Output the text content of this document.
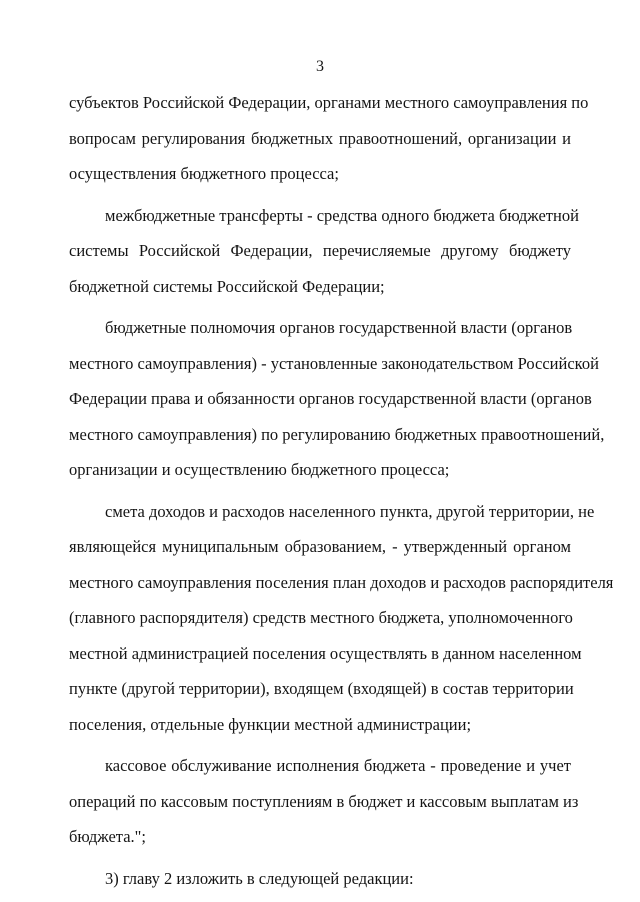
3
субъектов Российской Федерации, органами местного самоуправления по
вопросам регулирования бюджетных правоотношений, организации и
осуществления бюджетного процесса;
межбюджетные трансферты - средства одного бюджета бюджетной
системы Российской Федерации, перечисляемые другому бюджету
бюджетной системы Российской Федерации;
бюджетные полномочия органов государственной власти (органов
местного самоуправления) - установленные законодательством Российской
Федерации права и обязанности органов государственной власти (органов
местного самоуправления) по регулированию бюджетных правоотношений,
организации и осуществлению бюджетного процесса;
смета доходов и расходов населенного пункта, другой территории, не
являющейся муниципальным образованием, - утвержденный органом
местного самоуправления поселения план доходов и расходов распорядителя
(главного распорядителя) средств местного бюджета, уполномоченного
местной администрацией поселения осуществлять в данном населенном
пункте (другой территории), входящем (входящей) в состав территории
поселения, отдельные функции местной администрации;
кассовое обслуживание исполнения бюджета - проведение и учет
операций по кассовым поступлениям в бюджет и кассовым выплатам из
бюджета.";
3) главу 2 изложить в следующей редакции:
